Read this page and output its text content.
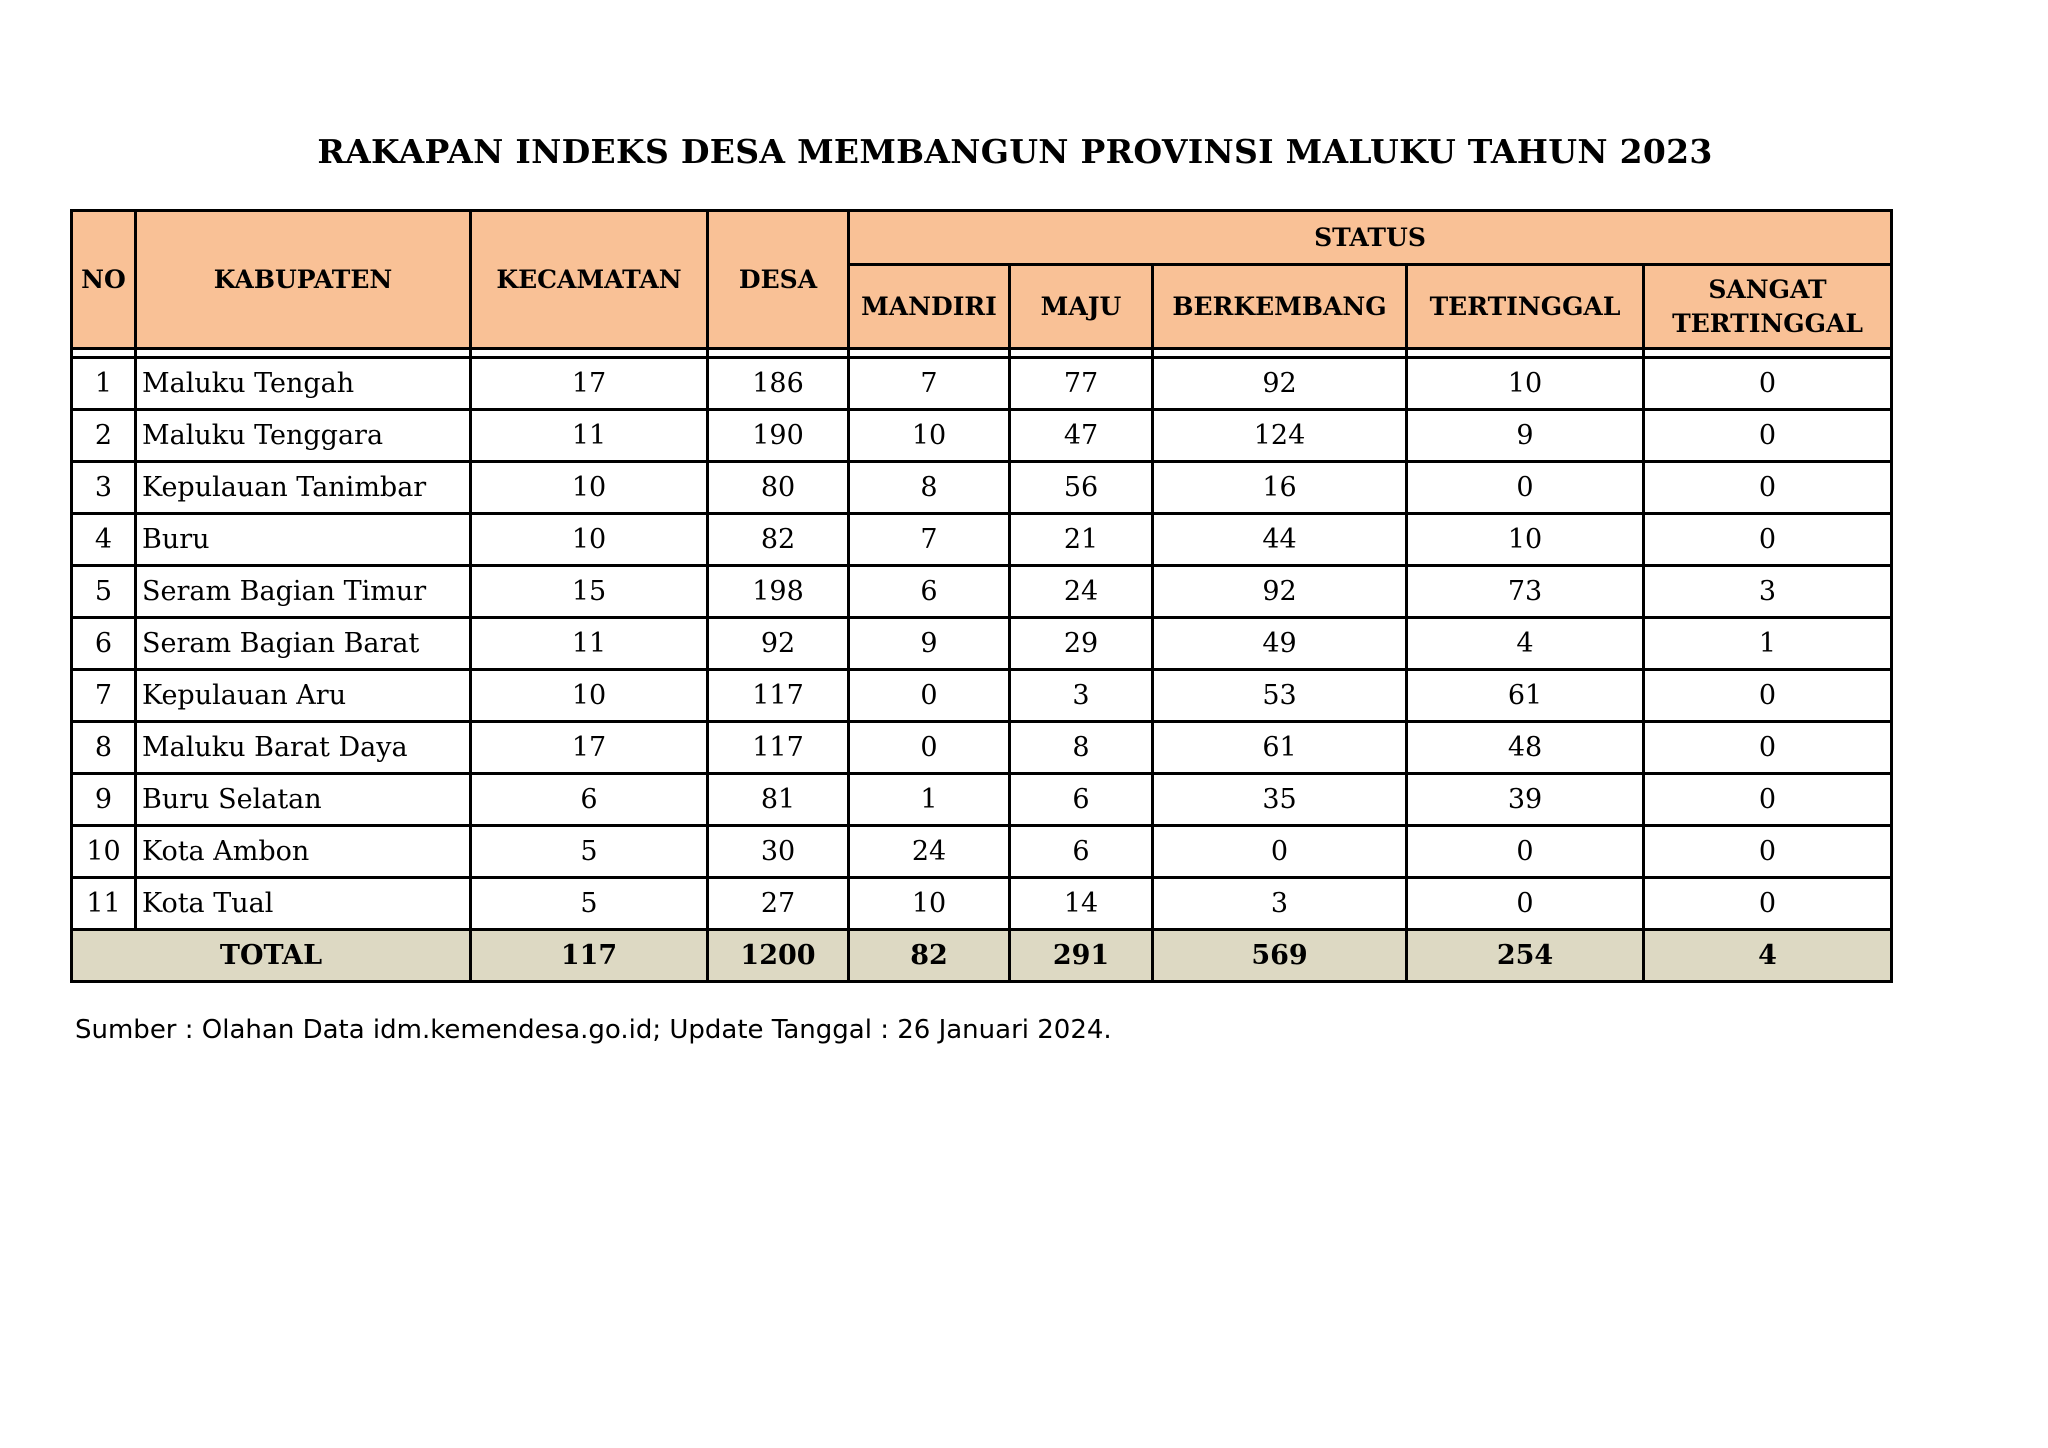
RAKAPAN INDEKS DESA MEMBANGUN PROVINSI MALUKU TAHUN 2023
NO	KABUPATEN	KECAMATAN	DESA	STATUS				
				MANDIRI	MAJU	BERKEMBANG	TERTINGGAL	SANGAT
TERTINGGAL

1	Maluku Tengah	17	186	7	77	92	10	0
2	Maluku Tenggara	11	190	10	47	124	9	0
3	Kepulauan Tanimbar	10	80	8	56	16	0	0
4	Buru	10	82	7	21	44	10	0
5	Seram Bagian Timur	15	198	6	24	92	73	3
6	Seram Bagian Barat	11	92	9	29	49	4	1
7	Kepulauan Aru	10	117	0	3	53	61	0
8	Maluku Barat Daya	17	117	0	8	61	48	0
9	Buru Selatan	6	81	1	6	35	39	0
10	Kota Ambon	5	30	24	6	0	0	0
11	Kota Tual	5	27	10	14	3	0	0
TOTAL		117	1200	82	291	569	254	4
Sumber : Olahan Data idm.kemendesa.go.id; Update Tanggal : 26 Januari 2024.
